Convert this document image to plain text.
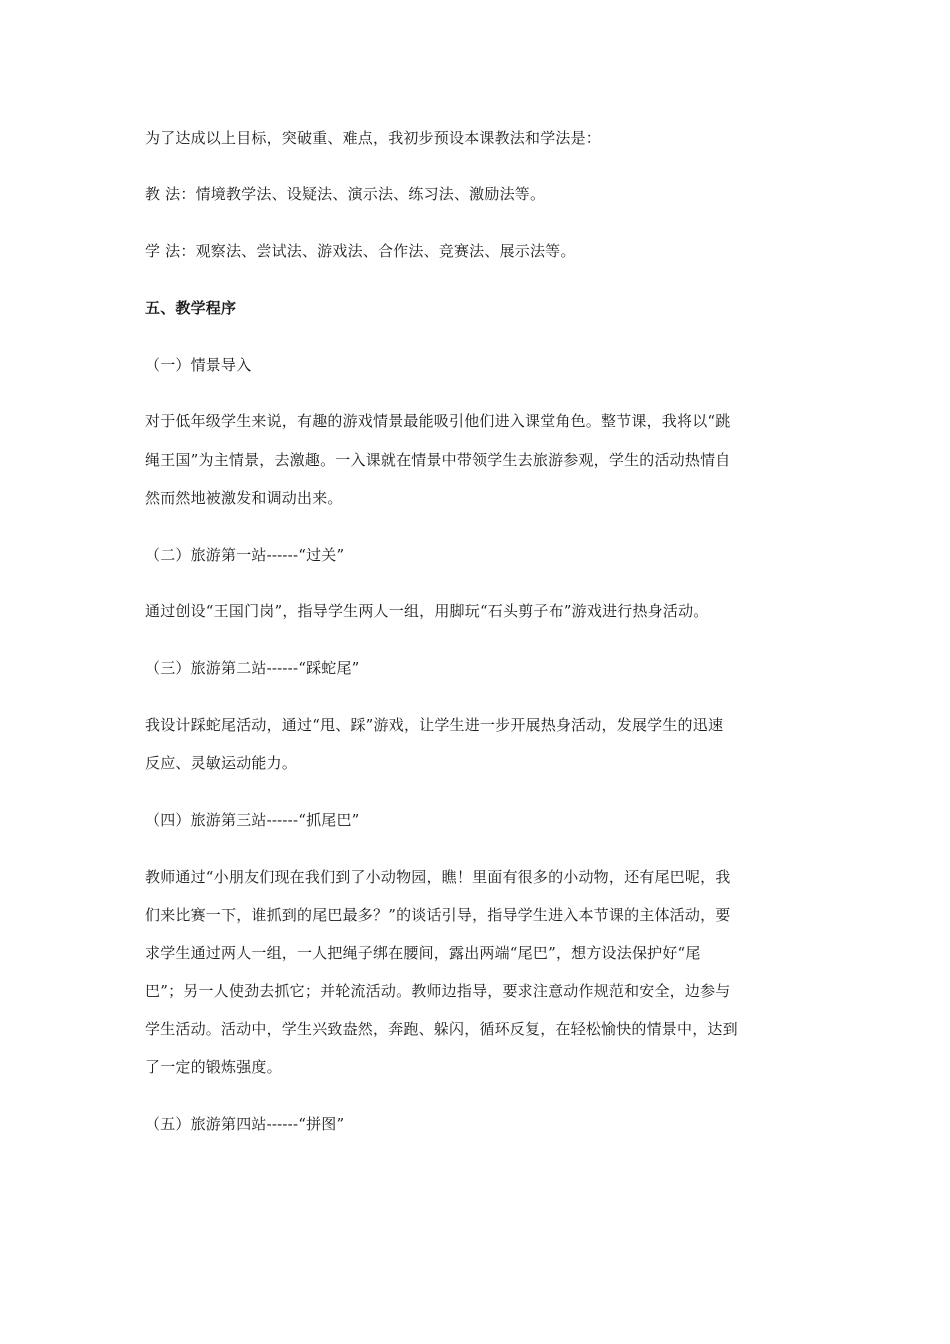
为了达成以上目标，突破重、难点，我初步预设本课教法和学法是：
教 法：情境教学法、设疑法、演示法、练习法、激励法等。
学 法：观察法、尝试法、游戏法、合作法、竞赛法、展示法等。
五、教学程序
（一）情景导入
对于低年级学生来说，有趣的游戏情景最能吸引他们进入课堂角色。整节课，我将以“跳
绳王国”为主情景，去激趣。一入课就在情景中带领学生去旅游参观，学生的活动热情自
然而然地被激发和调动出来。
（二）旅游第一站------“过关”
通过创设“王国门岗”，指导学生两人一组，用脚玩“石头剪子布”游戏进行热身活动。
（三）旅游第二站------“踩蛇尾”
我设计踩蛇尾活动，通过“甩、踩”游戏，让学生进一步开展热身活动，发展学生的迅速
反应、灵敏运动能力。
（四）旅游第三站------“抓尾巴”
教师通过“小朋友们现在我们到了小动物园，瞧！里面有很多的小动物，还有尾巴呢，我
们来比赛一下，谁抓到的尾巴最多？”的谈话引导，指导学生进入本节课的主体活动，要
求学生通过两人一组，一人把绳子绑在腰间，露出两端“尾巴”，想方设法保护好“尾
巴”；另一人使劲去抓它；并轮流活动。教师边指导，要求注意动作规范和安全，边参与
学生活动。活动中，学生兴致盎然，奔跑、躲闪，循环反复，在轻松愉快的情景中，达到
了一定的锻炼强度。
（五）旅游第四站------“拼图”
